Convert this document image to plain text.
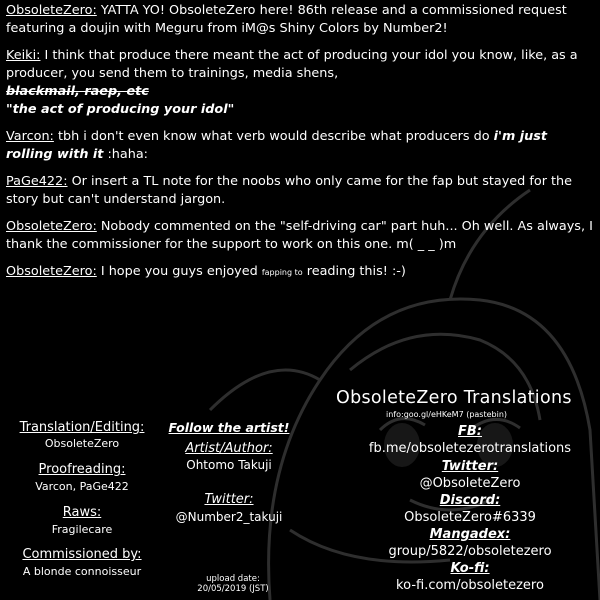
ObsoleteZero: YATTA YO! ObsoleteZero here! 86th release and a commissioned request featuring a doujin with Meguru from iM@s Shiny Colors by Number2!

Keiki: I think that produce there meant the act of producing your idol you know, like, as a producer, you send them to trainings, media shens,
blackmail, raep, etc
"the act of producing your idol"

Varcon: tbh i don't even know what verb would describe what producers do i'm just rolling with it :haha:

PaGe422: Or insert a TL note for the noobs who only came for the fap but stayed for the story but can't understand jargon.

ObsoleteZero: Nobody commented on the "self-driving car" part huh... Oh well. As always, I thank the commissioner for the support to work on this one. m( _ _ )m

ObsoleteZero: I hope you guys enjoyed fapping to reading this! :-)

ObsoleteZero Translations
info:goo.gl/eHKeM7 (pastebin)
Translation/Editing:
ObsoleteZero
Proofreading:
Varcon, PaGe422
Raws:
Fragilecare
Commissioned by:
A blonde connoisseur
Follow the artist!
Artist/Author:
Ohtomo Takuji
Twitter:
@Number2_takuji
upload date:
20/05/2019 (JST)
FB:
fb.me/obsoletezerotranslations
Twitter:
@ObsoleteZero
Discord:
ObsoleteZero#6339
Mangadex:
group/5822/obsoletezero
Ko-fi:
ko-fi.com/obsoletezero
